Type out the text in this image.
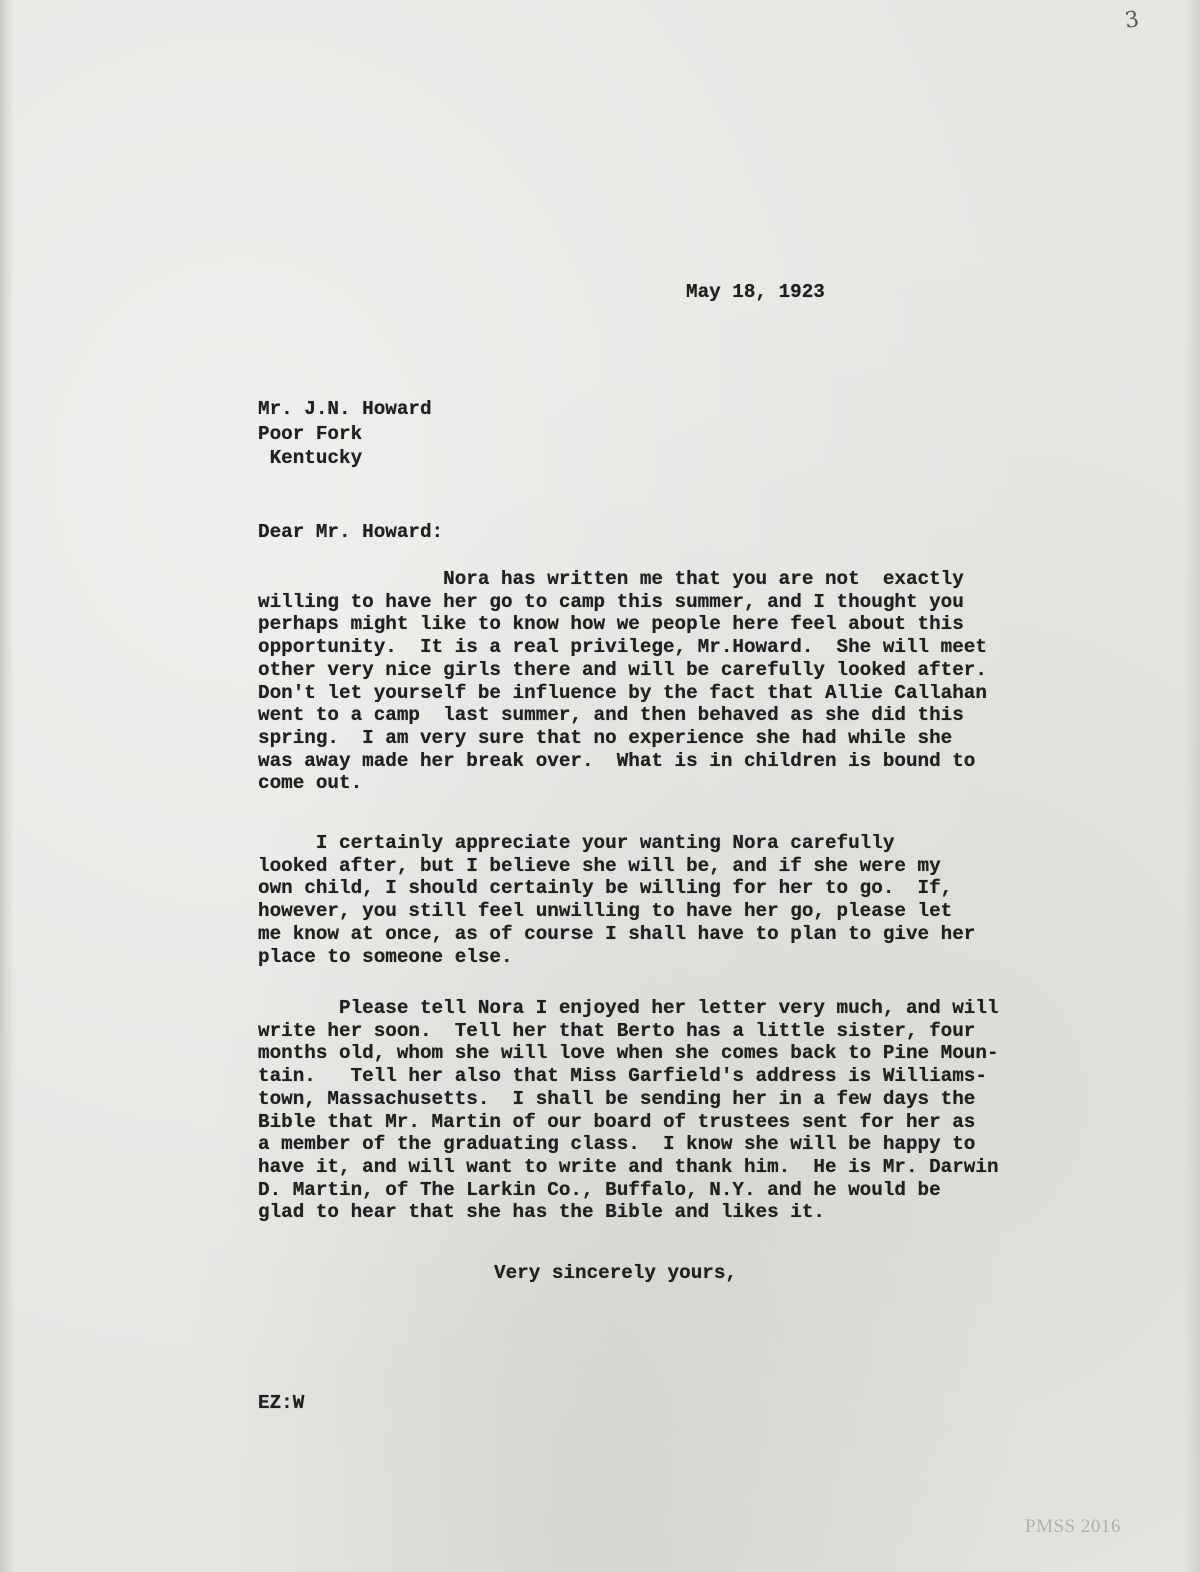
3
May 18, 1923
Mr. J.N. Howard
Poor Fork
Kentucky
Dear Mr. Howard:
Nora has written me that you are not  exactly
willing to have her go to camp this summer, and I thought you
perhaps might like to know how we people here feel about this
opportunity.  It is a real privilege, Mr.Howard.  She will meet
other very nice girls there and will be carefully looked after.
Don't let yourself be influence by the fact that Allie Callahan
went to a camp  last summer, and then behaved as she did this
spring.  I am very sure that no experience she had while she
was away made her break over.  What is in children is bound to
come out.
I certainly appreciate your wanting Nora carefully
looked after, but I believe she will be, and if she were my
own child, I should certainly be willing for her to go.  If,
however, you still feel unwilling to have her go, please let
me know at once, as of course I shall have to plan to give her
place to someone else.
Please tell Nora I enjoyed her letter very much, and will
write her soon.  Tell her that Berto has a little sister, four
months old, whom she will love when she comes back to Pine Moun-
tain.   Tell her also that Miss Garfield's address is Williams-
town, Massachusetts.  I shall be sending her in a few days the
Bible that Mr. Martin of our board of trustees sent for her as
a member of the graduating class.  I know she will be happy to
have it, and will want to write and thank him.  He is Mr. Darwin
D. Martin, of The Larkin Co., Buffalo, N.Y. and he would be
glad to hear that she has the Bible and likes it.
Very sincerely yours,
EZ:W
PMSS 2016
